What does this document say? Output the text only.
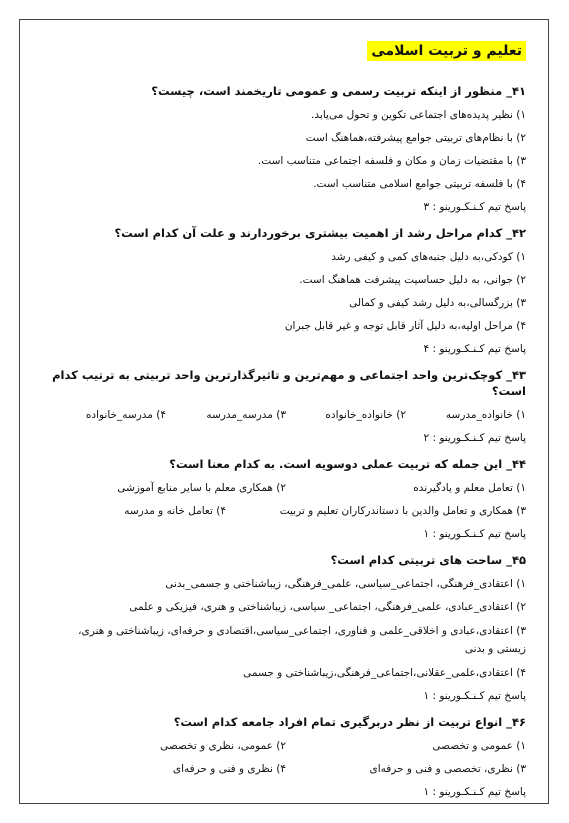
تعلیم و تربیت اسلامی
۴۱_ منظور از اینکه تربیت رسمی و عمومی تاریخمند است، چیست؟
۱) نظیر پدیده‌های اجتماعی تکوین و تحول می‌یابد.
۲) با نظام‌های تربیتی جوامع پیشرفته،هماهنگ است
۳) با مقتضیات زمان و مکان و فلسفه اجتماعی متناسب است.
۴) با فلسفه تربیتی جوامع اسلامی متناسب است.
پاسخ تیم کـنـکـورینو : ۳
۴۲_ کدام مراحل رشد از اهمیت بیشتری برخوردارند و علت آن کدام است؟
۱) کودکی،به دلیل جنبه‌های کمی و کیفی رشد
۲) جوانی، به دلیل حساسیت پیشرفت هماهنگ است.
۳) بزرگسالی،به دلیل رشد کیفی و کمالی
۴) مراحل اولیه،به دلیل آثار قابل توجه و غیر قابل جبران
پاسخ تیم کـنـکـورینو : ۴
۴۳_ کوچک‌ترین واحد اجتماعی و مهم‌ترین و تاثیرگذارترین واحد تربیتی به ترتیب کدام است؟
۱) خانواده_مدرسه
۲) خانواده_خانواده
۳) مدرسه_مدرسه
۴) مدرسه_خانواده
پاسخ تیم کـنـکـورینو : ۲
۴۴_ این جمله که تربیت عملی دوسویه است. به کدام معنا است؟
۱) تعامل معلم و یادگیرنده
۲) همکاری معلم با سایر منابع آموزشی
۳) همکاری و تعامل والدین با دستاندرکاران تعلیم و تربیت
۴) تعامل خانه و مدرسه
پاسخ تیم کـنـکـورینو : ۱
۴۵_ ساحت های تربیتی کدام است؟
۱) اعتقادی_فرهنگی، اجتماعی_سیاسی، علمی_فرهنگی، زیباشناختی و جسمی_بدنی
۲) اعتقادی_عبادی، علمی_فرهنگی، اجتماعی_ سیاسی، زیباشناختی و هنری، فیزیکی و علمی
۳) اعتقادی،عبادی و اخلاقی_علمی و فناوری، اجتماعی_سیاسی،اقتصادی و حرفه‌ای، زیباشناختی و هنری، زیستی و بدنی
۴) اعتقادی،علمی_عقلانی،اجتماعی_فرهنگی،زیباشناختی و جسمی
پاسخ تیم کـنـکـورینو : ۱
۴۶_ انواع تربیت از نظر دربرگیری تمام افراد جامعه کدام است؟
۱) عمومی و تخصصی
۲) عمومی، نظری و تخصصی
۳) نظری، تخصصی و فنی و حرفه‌ای
۴) نظری و فنی و حرفه‌ای
پاسخ تیم کـنـکـورینو : ۱
